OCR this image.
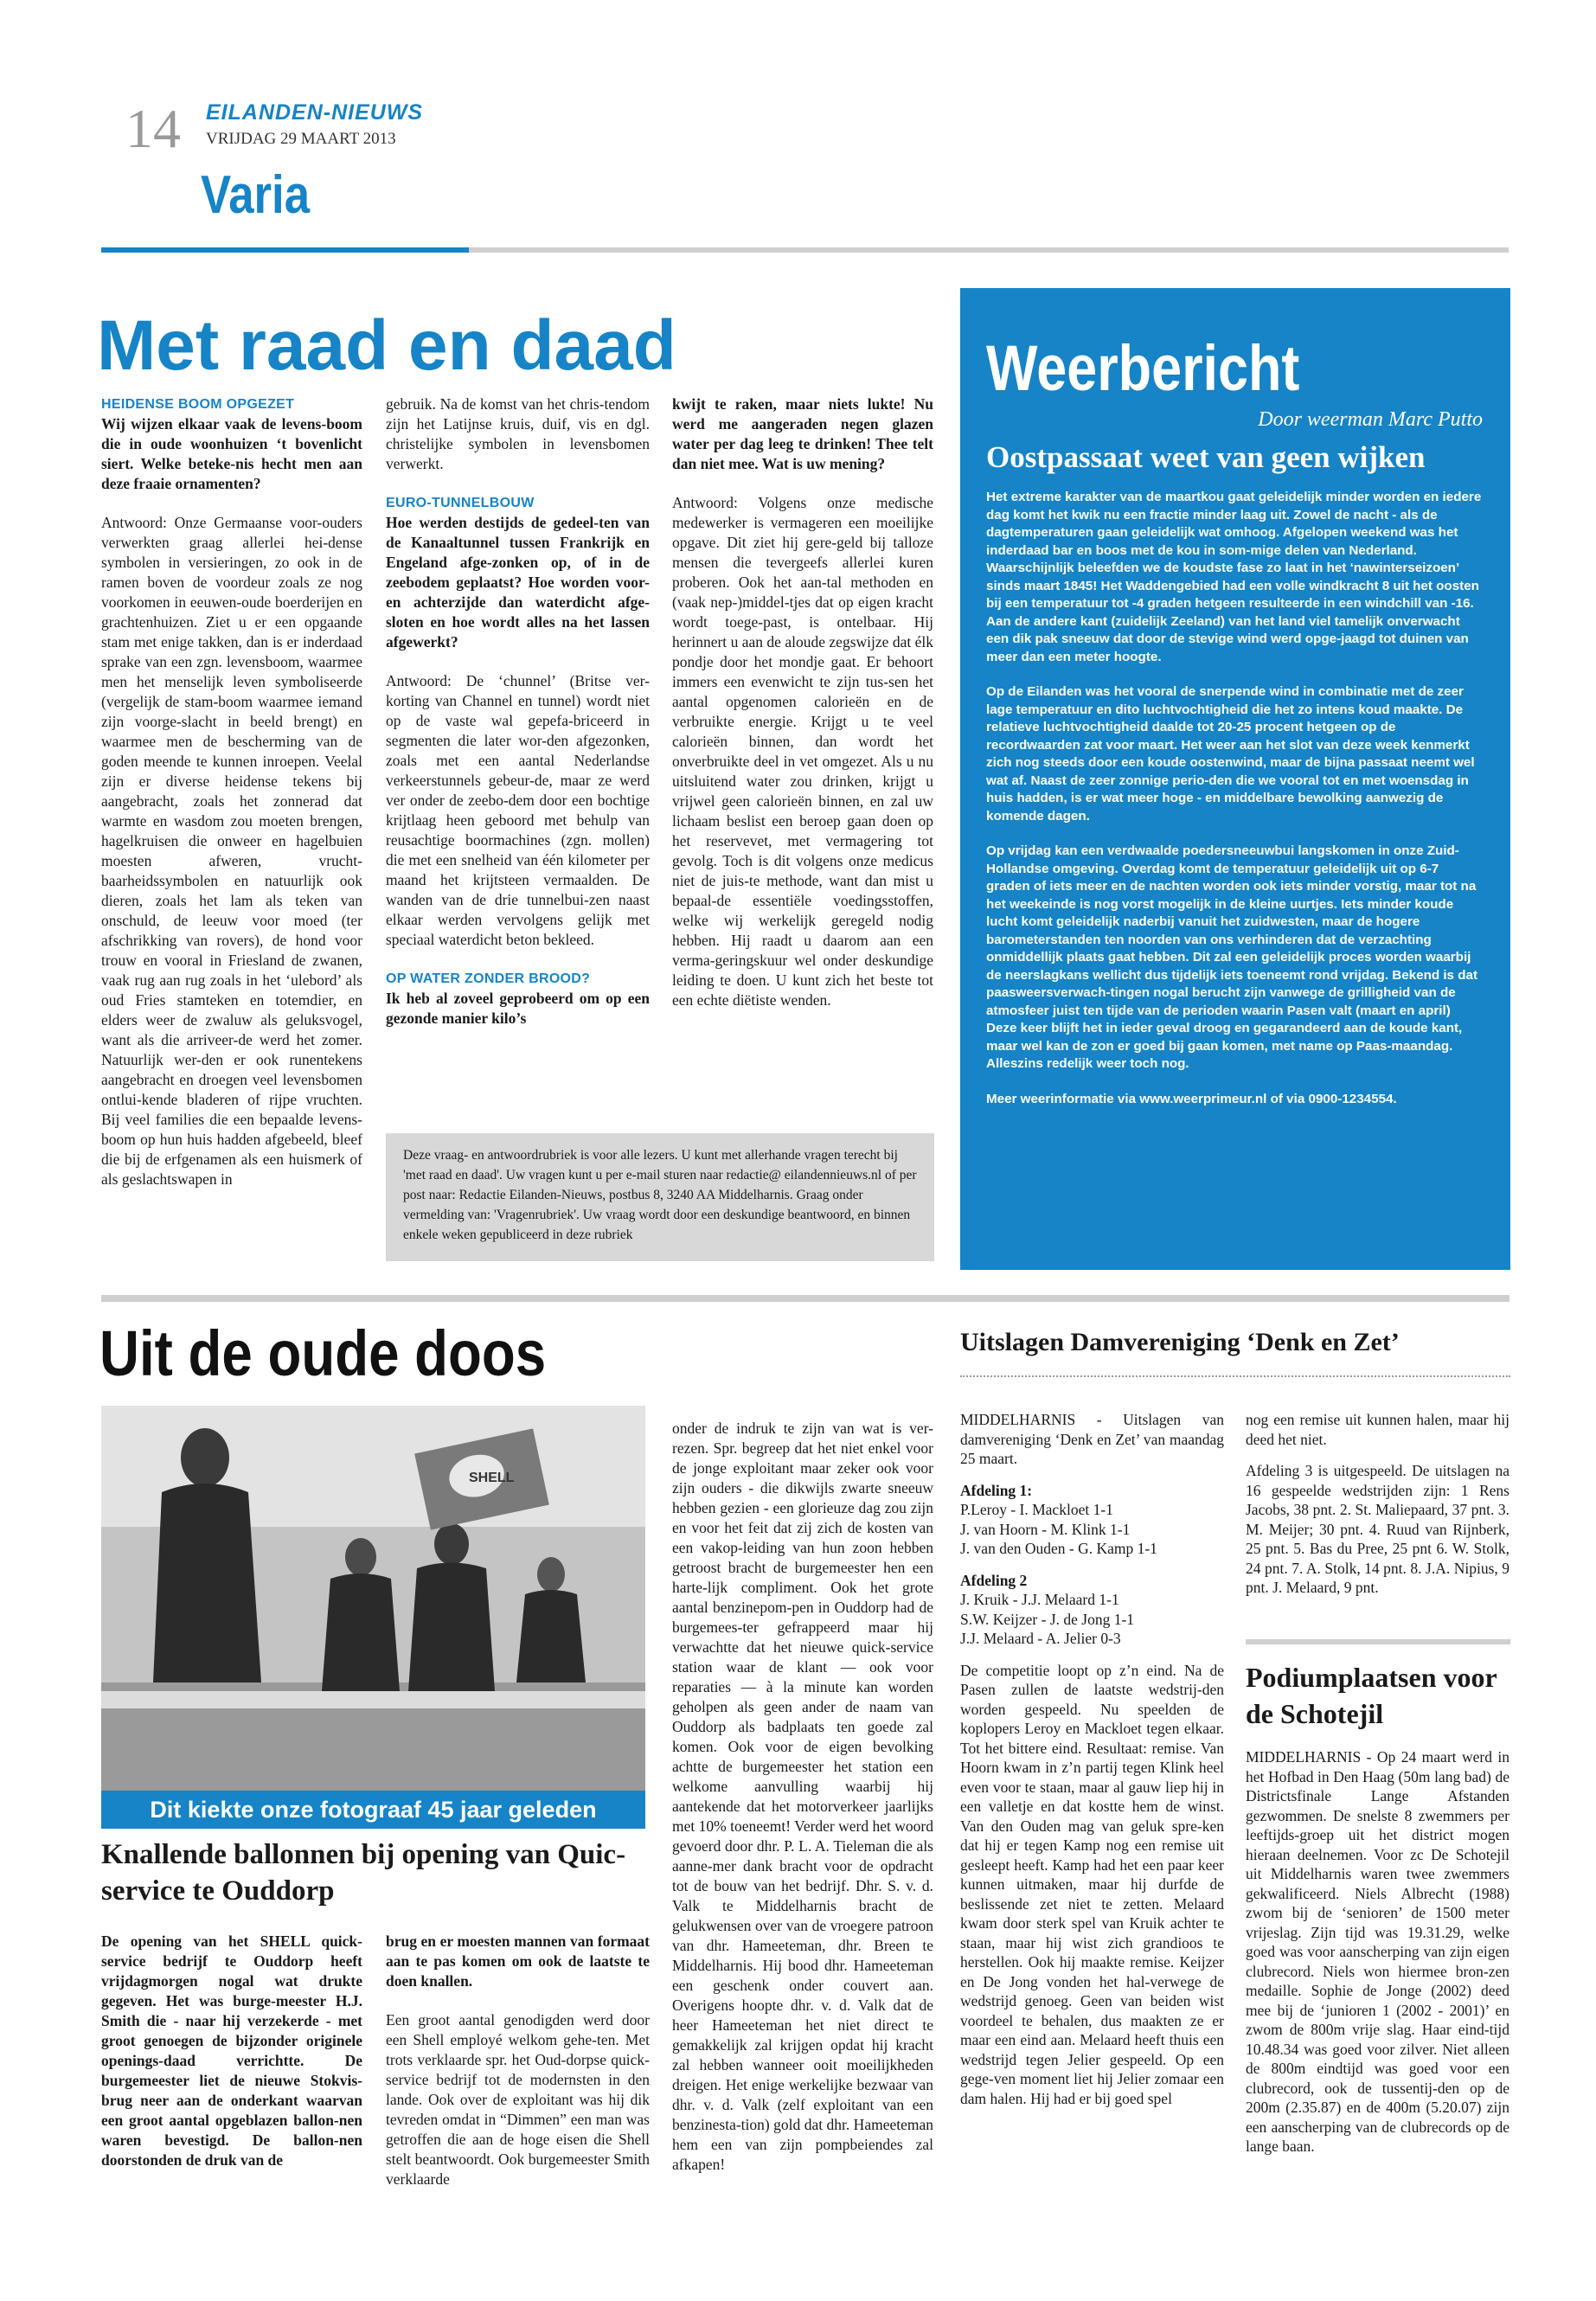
14 EILANDEN-NIEUWS
VRIJDAG 29 MAART 2013
Varia
Met raad en daad
HEIDENSE BOOM OPGEZET
Wij wijzen elkaar vaak de levens-boom die in oude woonhuizen ‘t bovenlicht siert. Welke beteke-nis hecht men aan deze fraaie ornamenten?
Antwoord: Onze Germaanse voor-ouders verwerkten graag allerlei hei-dense symbolen in versieringen, zo ook in de ramen boven de voordeur zoals ze nog voorkomen in eeuwen-oude boerderijen en grachtenhuizen. Ziet u er een opgaande stam met enige takken, dan is er inderdaad sprake van een zgn. levensboom, waarmee men het menselijk leven symboliseerde (vergelijk de stam-boom waarmee iemand zijn voorge-slacht in beeld brengt) en waarmee men de bescherming van de goden meende te kunnen inroepen. Veelal zijn er diverse heidense tekens bij aangebracht, zoals het zonnerad dat warmte en wasdom zou moeten brengen, hagelkruisen die onweer en hagelbuien moesten afweren, vrucht-baarheidssymbolen en natuurlijk ook dieren, zoals het lam als teken van onschuld, de leeuw voor moed (ter afschrikking van rovers), de hond voor trouw en vooral in Friesland de zwanen, vaak rug aan rug zoals in het ‘ulebord’ als oud Fries stamteken en totemdier, en elders weer de zwaluw als geluksvogel, want als die arriveer-de werd het zomer. Natuurlijk wer-den er ook runentekens aangebracht en droegen veel levensbomen ontlui-kende bladeren of rijpe vruchten. Bij veel families die een bepaalde levens-boom op hun huis hadden afgebeeld, bleef die bij de erfgenamen als een huismerk of als geslachtswapen in

gebruik. Na de komst van het chris-tendom zijn het Latijnse kruis, duif, vis en dgl. christelijke symbolen in levensbomen verwerkt.

EURO-TUNNELBOUW
Hoe werden destijds de gedeel-ten van de Kanaaltunnel tussen Frankrijk en Engeland afge-zonken op, of in de zeebodem geplaatst? Hoe worden voor- en achterzijde dan waterdicht afge-sloten en hoe wordt alles na het lassen afgewerkt?

Antwoord: De ‘chunnel’ (Britse ver-korting van Channel en tunnel) wordt niet op de vaste wal gepefa-briceerd in segmenten die later wor-den afgezonken, zoals met een aantal Nederlandse verkeerstunnels gebeur-de, maar ze werd ver onder de zeebo-dem door een bochtige krijtlaag heen geboord met behulp van reusachtige boormachines (zgn. mollen) die met een snelheid van één kilometer per maand het krijtsteen vermaalden. De wanden van de drie tunnelbui-zen naast elkaar werden vervolgens gelijk met speciaal waterdicht beton bekleed.

OP WATER ZONDER BROOD?
Ik heb al zoveel geprobeerd om op een gezonde manier kilo’s
kwijt te raken, maar niets lukte! Nu werd me aangeraden negen glazen water per dag leeg te drinken! Thee telt dan niet mee. Wat is uw mening?
Antwoord: Volgens onze medische medewerker is vermageren een moeilijke opgave. Dit ziet hij gere-geld bij talloze mensen die tevergeefs allerlei kuren proberen. Ook het aan-tal methoden en (vaak nep-)middel-tjes dat op eigen kracht wordt toege-past, is ontelbaar. Hij herinnert u aan de aloude zegswijze dat élk pondje door het mondje gaat. Er behoort immers een evenwicht te zijn tus-sen het aantal opgenomen calorieën en de verbruikte energie. Krijgt u te veel calorieën binnen, dan wordt het onverbruikte deel in vet omgezet. Als u nu uitsluitend water zou drinken, krijgt u vrijwel geen calorieën binnen, en zal uw lichaam beslist een beroep gaan doen op het reservevet, met vermagering tot gevolg. Toch is dit volgens onze medicus niet de juis-te methode, want dan mist u bepaal-de essentiële voedingsstoffen, welke wij werkelijk geregeld nodig hebben. Hij raadt u daarom aan een verma-geringskuur wel onder deskundige leiding te doen. U kunt zich het beste tot een echte diëtiste wenden.
Deze vraag- en antwoordrubriek is voor alle lezers. U kunt met allerhande vragen terecht bij 'met raad en daad'. Uw vragen kunt u per e-mail sturen naar redactie@ eilandennieuws.nl of per post naar: Redactie Eilanden-Nieuws, postbus 8, 3240 AA Middelharnis. Graag onder vermelding van: 'Vragenrubriek'. Uw vraag wordt door een deskundige beantwoord, en binnen enkele weken gepubliceerd in deze rubriek
Weerbericht
Door weerman Marc Putto
Oostpassaat weet van geen wijken

Het extreme karakter van de maartkou gaat geleidelijk minder worden en iedere dag komt het kwik nu een fractie minder laag uit. Zowel de nacht - als de dagtemperaturen gaan geleidelijk wat omhoog. Afgelopen weekend was het inderdaad bar en boos met de kou in som-mige delen van Nederland. Waarschijnlijk beleefden we de koudste fase zo laat in het ‘nawinterseizoen’ sinds maart 1845! Het Waddengebied had een volle windkracht 8 uit het oosten bij een temperatuur tot -4 graden hetgeen resulteerde in een windchill van -16. Aan de andere kant (zuidelijk Zeeland) van het land viel tamelijk onverwacht een dik pak sneeuw dat door de stevige wind werd opge-jaagd tot duinen van meer dan een meter hoogte.

Op de Eilanden was het vooral de snerpende wind in combinatie met de zeer lage temperatuur en dito luchtvochtigheid die het zo intens koud maakte. De relatieve luchtvochtigheid daalde tot 20-25 procent hetgeen op de recordwaarden zat voor maart. Het weer aan het slot van deze week kenmerkt zich nog steeds door een koude oostenwind, maar de bijna passaat neemt wel wat af. Naast de zeer zonnige perio-den die we vooral tot en met woensdag in huis hadden, is er wat meer hoge - en middelbare bewolking aanwezig de komende dagen.

Op vrijdag kan een verdwaalde poedersneeuwbui langskomen in onze Zuid-Hollandse omgeving. Overdag komt de temperatuur geleidelijk uit op 6-7 graden of iets meer en de nachten worden ook iets minder vorstig, maar tot na het weekeinde is nog vorst mogelijk in de kleine uurtjes. Iets minder koude lucht komt geleidelijk naderbij vanuit het zuidwesten, maar de hogere barometerstanden ten noorden van ons verhinderen dat de verzachting onmiddellijk plaats gaat hebben. Dit zal een geleidelijk proces worden waarbij de neerslagkans wellicht dus tijdelijk iets toeneemt rond vrijdag. Bekend is dat paasweersverwach-tingen nogal berucht zijn vanwege de grilligheid van de atmosfeer juist ten tijde van de perioden waarin Pasen valt (maart en april) Deze keer blijft het in ieder geval droog en gegarandeerd aan de koude kant, maar wel kan de zon er goed bij gaan komen, met name op Paas-maandag. Alleszins redelijk weer toch nog.

Meer weerinformatie via www.weerprimeur.nl of via 0900-1234554.

Uit de oude doos
SHELL
Dit kiekte onze fotograaf 45 jaar geleden
Knallende ballonnen bij opening van Quic-service te Ouddorp
De opening van het SHELL quick-service bedrijf te Ouddorp heeft vrijdagmorgen nogal wat drukte gegeven. Het was burge-meester H.J. Smith die - naar hij verzekerde - met groot genoegen de bijzonder originele openings-daad verrichtte. De burgemeester liet de nieuwe Stokvis-brug neer aan de onderkant waarvan een groot aantal opgeblazen ballon-nen waren bevestigd. De ballon-nen doorstonden de druk van de

brug en er moesten mannen van formaat aan te pas komen om ook de laatste te doen knallen.

Een groot aantal genodigden werd door een Shell employé welkom gehe-ten. Met trots verklaarde spr. het Oud-dorpse quick-service bedrijf tot de modernsten in den lande. Ook over de exploitant was hij dik tevreden omdat in “Dimmen” een man was getroffen die aan de hoge eisen die Shell stelt beantwoordt. Ook burgemeester Smith verklaarde
onder de indruk te zijn van wat is ver-rezen. Spr. begreep dat het niet enkel voor de jonge exploitant maar zeker ook voor zijn ouders - die dikwijls zwarte sneeuw hebben gezien - een glorieuze dag zou zijn en voor het feit dat zij zich de kosten van een vakop-leiding van hun zoon hebben getroost bracht de burgemeester hen een harte-lijk compliment. Ook het grote aantal benzinepom-pen in Ouddorp had de burgemees-ter gefrappeerd maar hij verwachtte dat het nieuwe quick-service station waar de klant — ook voor reparaties — à la minute kan worden geholpen als geen ander de naam van Ouddorp als badplaats ten goede zal komen. Ook voor de eigen bevolking achtte de burgemeester het station een welkome aanvulling waarbij hij aantekende dat het motorverkeer jaarlijks met 10% toeneemt! Verder werd het woord gevoerd door dhr. P. L. A. Tieleman die als aanne-mer dank bracht voor de opdracht tot de bouw van het bedrijf. Dhr. S. v. d. Valk te Middelharnis bracht de gelukwensen over van de vroegere patroon van dhr. Hameeteman, dhr. Breen te Middelharnis. Hij bood dhr. Hameeteman een geschenk onder couvert aan. Overigens hoopte dhr. v. d. Valk dat de heer Hameeteman het niet direct te gemakkelijk zal krijgen opdat hij kracht zal hebben wanneer ooit moeilijkheden dreigen. Het enige werkelijke bezwaar van dhr. v. d. Valk (zelf exploitant van een benzinesta-tion) gold dat dhr. Hameeteman hem een van zijn pompbeiendes zal afkapen!
Uitslagen Damvereniging ‘Denk en Zet’

MIDDELHARNIS - Uitslagen van damvereniging ‘Denk en Zet’ van maandag 25 maart.

Afdeling 1:
P.Leroy - I. Mackloet 1-1
J. van Hoorn - M. Klink 1-1
J. van den Ouden - G. Kamp 1-1
Afdeling 2
J. Kruik - J.J. Melaard 1-1
S.W. Keijzer - J. de Jong 1-1
J.J. Melaard - A. Jelier 0-3
De competitie loopt op z’n eind. Na de Pasen zullen de laatste wedstrij-den worden gespeeld. Nu speelden de koplopers Leroy en Mackloet tegen elkaar. Tot het bittere eind. Resultaat: remise. Van Hoorn kwam in z’n partij tegen Klink heel even voor te staan, maar al gauw liep hij in een valletje en dat kostte hem de winst. Van den Ouden mag van geluk spre-ken dat hij er tegen Kamp nog een remise uit gesleept heeft. Kamp had het een paar keer kunnen uitmaken, maar hij durfde de beslissende zet niet te zetten. Melaard kwam door sterk spel van Kruik achter te staan, maar hij wist zich grandioos te herstellen. Ook hij maakte remise. Keijzer en De Jong vonden het hal-verwege de wedstrijd genoeg. Geen van beiden wist voordeel te behalen, dus maakten ze er maar een eind aan. Melaard heeft thuis een wedstrijd tegen Jelier gespeeld. Op een gege-ven moment liet hij Jelier zomaar een dam halen. Hij had er bij goed spel

nog een remise uit kunnen halen, maar hij deed het niet.

Afdeling 3 is uitgespeeld. De uitslagen na 16 gespeelde wedstrijden zijn: 1 Rens Jacobs, 38 pnt. 2. St. Maliepaard, 37 pnt. 3. M. Meijer; 30 pnt. 4. Ruud van Rijnberk, 25 pnt. 5. Bas du Pree, 25 pnt 6. W. Stolk, 24 pnt. 7. A. Stolk, 14 pnt. 8. J.A. Nipius, 9 pnt. J. Melaard, 9 pnt.

Podiumplaatsen voor de Schotejil
MIDDELHARNIS - Op 24 maart werd in het Hofbad in Den Haag (50m lang bad) de Districtsfinale Lange Afstanden gezwommen. De snelste 8 zwemmers per leeftijds-groep uit het district mogen hieraan deelnemen. Voor zc De Schotejil uit Middelharnis waren twee zwemmers gekwalificeerd. Niels Albrecht (1988) zwom bij de ‘senioren’ de 1500 meter vrijeslag. Zijn tijd was 19.31.29, welke goed was voor aanscherping van zijn eigen clubrecord. Niels won hiermee bron-zen medaille. Sophie de Jonge (2002) deed mee bij de ‘junioren 1 (2002 - 2001)’ en zwom de 800m vrije slag. Haar eind-tijd 10.48.34 was goed voor zilver. Niet alleen de 800m eindtijd was goed voor een clubrecord, ook de tussentij-den op de 200m (2.35.87) en de 400m (5.20.07) zijn een aanscherping van de clubrecords op de lange baan.
